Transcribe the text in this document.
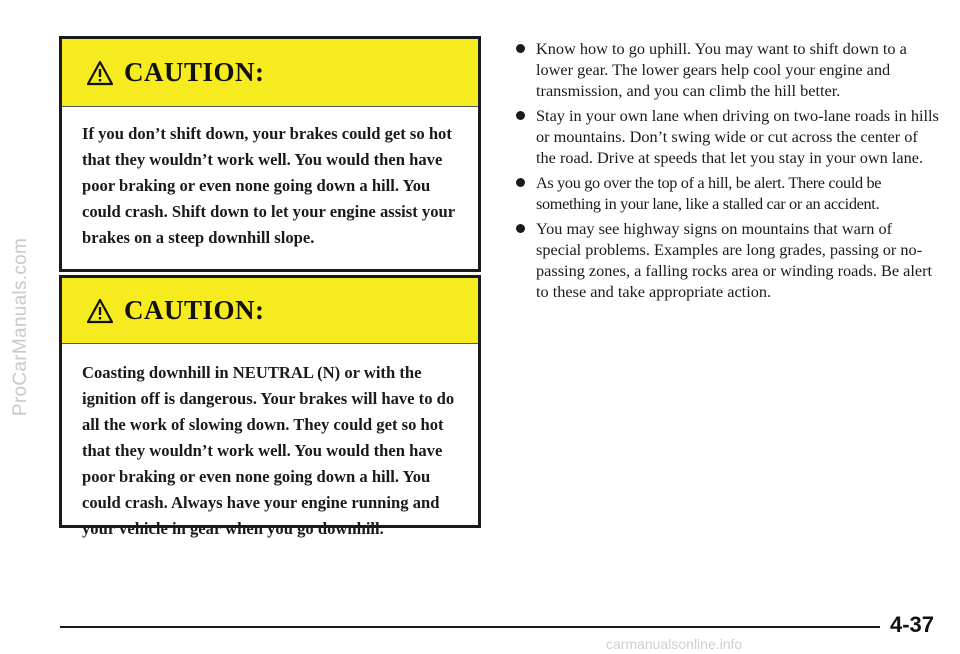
ProCarManuals.com
CAUTION:
If you don’t shift down, your brakes could get so hot that they wouldn’t work well. You would then have poor braking or even none going down a hill. You could crash. Shift down to let your engine assist your brakes on a steep downhill slope.
CAUTION:
Coasting downhill in NEUTRAL (N) or with the ignition off is dangerous. Your brakes will have to do all the work of slowing down. They could get so hot that they wouldn’t work well. You would then have poor braking or even none going down a hill. You could crash. Always have your engine running and your vehicle in gear when you go downhill.
Know how to go uphill. You may want to shift down to a lower gear. The lower gears help cool your engine and transmission, and you can climb the hill better.
Stay in your own lane when driving on two-lane roads in hills or mountains. Don’t swing wide or cut across the center of the road. Drive at speeds that let you stay in your own lane.
As you go over the top of a hill, be alert. There could be something in your lane, like a stalled car or an accident.
You may see highway signs on mountains that warn of special problems. Examples are long grades, passing or no-passing zones, a falling rocks area or winding roads. Be alert to these and take appropriate action.
4-37
carmanualsonline.info
